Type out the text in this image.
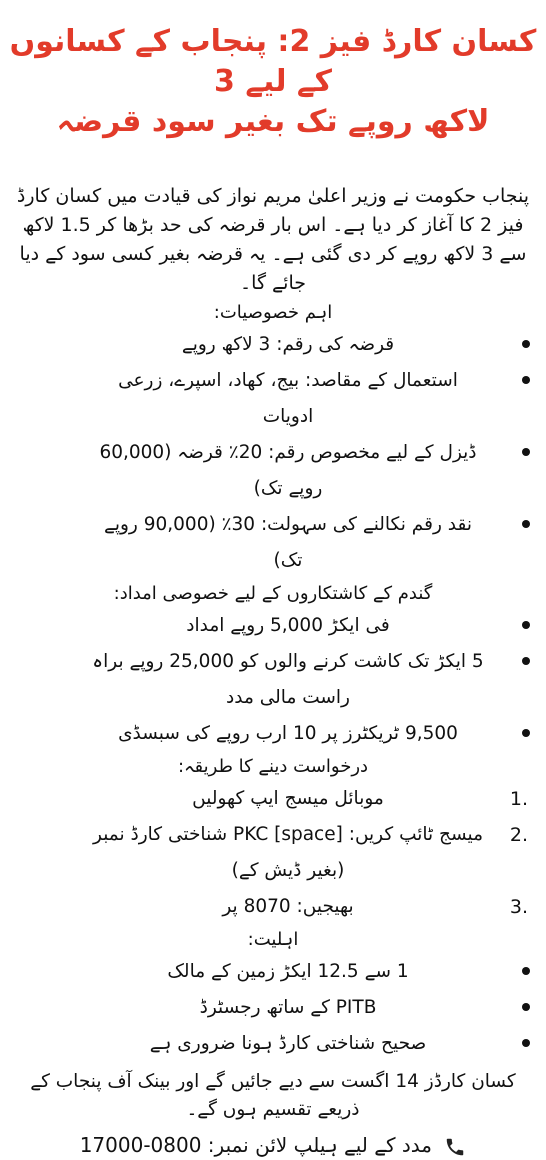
کسان کارڈ فیز 2: پنجاب کے کسانوں کے لیے 3
لاکھ روپے تک بغیر سود قرضہ

پنجاب حکومت نے وزیر اعلیٰ مریم نواز کی قیادت میں کسان کارڈ فیز 2 کا آغاز کر دیا ہے۔ اس بار قرضہ کی حد بڑھا کر 1.5 لاکھ سے 3 لاکھ روپے کر دی گئی ہے۔ یہ قرضہ بغیر کسی سود کے دیا جائے گا۔

اہم خصوصیات:

قرضہ کی رقم: 3 لاکھ روپے
استعمال کے مقاصد: بیج، کھاد، اسپرے، زرعی ادویات
ڈیزل کے لیے مخصوص رقم: 20٪ قرضہ (60,000 روپے تک)
نقد رقم نکالنے کی سہولت: 30٪ (90,000 روپے تک)

گندم کے کاشتکاروں کے لیے خصوصی امداد:

فی ایکڑ 5,000 روپے امداد
5 ایکڑ تک کاشت کرنے والوں کو 25,000 روپے براہ راست مالی مدد
9,500 ٹریکٹرز پر 10 ارب روپے کی سبسڈی

درخواست دینے کا طریقہ:

1.
موبائل میسج ایپ کھولیں
2.
میسج ٹائپ کریں: PKC [space] شناختی کارڈ نمبر (بغیر ڈیش کے)
3.
بھیجیں: 8070 پر

اہلیت:

1 سے 12.5 ایکڑ زمین کے مالک
PITB کے ساتھ رجسٹرڈ
صحیح شناختی کارڈ ہونا ضروری ہے

کسان کارڈز 14 اگست سے دیے جائیں گے اور بینک آف پنجاب کے ذریعے تقسیم ہوں گے۔

مدد کے لیے ہیلپ لائن نمبر: 0800-17000
